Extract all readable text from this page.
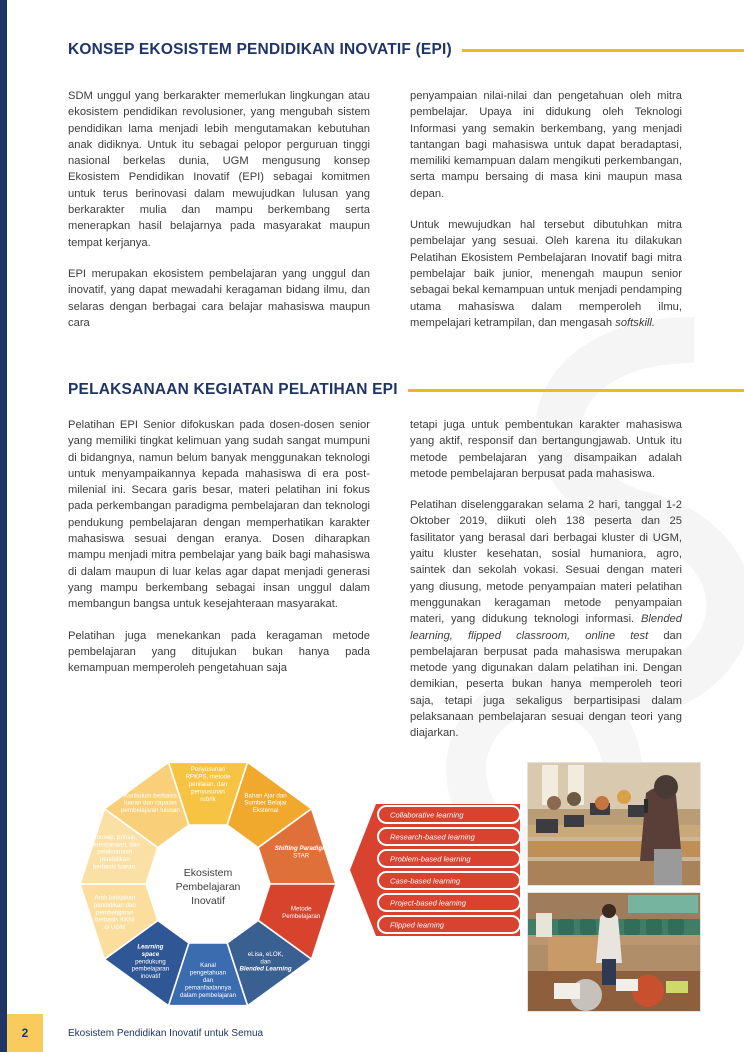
KONSEP EKOSISTEM PENDIDIKAN INOVATIF (EPI)

SDM unggul yang berkarakter memerlukan lingkungan atau ekosistem pendidikan revolusioner, yang mengubah sistem pendidikan lama menjadi lebih mengutamakan kebutuhan anak didiknya. Untuk itu sebagai pelopor perguruan tinggi nasional berkelas dunia, UGM mengusung konsep Ekosistem Pendidikan Inovatif (EPI) sebagai komitmen untuk terus berinovasi dalam mewujudkan lulusan yang berkarakter mulia dan mampu berkembang serta menerapkan hasil belajarnya pada masyarakat maupun tempat kerjanya.

EPI merupakan ekosistem pembelajaran yang unggul dan inovatif, yang dapat mewadahi keragaman bidang ilmu, dan selaras dengan berbagai cara belajar mahasiswa maupun cara

penyampaian nilai-nilai dan pengetahuan oleh mitra pembelajar. Upaya ini didukung oleh Teknologi Informasi yang semakin berkembang, yang menjadi tantangan bagi mahasiswa untuk dapat beradaptasi, memiliki kemampuan dalam mengikuti perkembangan, serta mampu bersaing di masa kini maupun masa depan.

Untuk mewujudkan hal tersebut dibutuhkan mitra pembelajar yang sesuai. Oleh karena itu dilakukan Pelatihan Ekosistem Pembelajaran Inovatif bagi mitra pembelajar baik junior, menengah maupun senior sebagai bekal kemampuan untuk menjadi pendamping utama mahasiswa dalam memperoleh ilmu, mempelajari ketrampilan, dan mengasah softskill.

PELAKSANAAN KEGIATAN PELATIHAN EPI

Pelatihan EPI Senior difokuskan pada dosen-dosen senior yang memiliki tingkat kelimuan yang sudah sangat mumpuni di bidangnya, namun belum banyak menggunakan teknologi untuk menyampaikannya kepada mahasiswa di era post-milenial ini. Secara garis besar, materi pelatihan ini fokus pada perkembangan paradigma pembelajaran dan teknologi pendukung pembelajaran dengan memperhatikan karakter mahasiswa sesuai dengan eranya. Dosen diharapkan mampu menjadi mitra pembelajar yang baik bagi mahasiswa di dalam maupun di luar kelas agar dapat menjadi generasi yang mampu berkembang sebagai insan unggul dalam membangun bangsa untuk kesejahteraan masyarakat.

Pelatihan juga menekankan pada keragaman metode pembelajaran yang ditujukan bukan hanya pada kemampuan memperoleh pengetahuan saja

tetapi juga untuk pembentukan karakter mahasiswa yang aktif, responsif dan bertangungjawab. Untuk itu metode pembelajaran yang disampaikan adalah metode pembelajaran berpusat pada mahasiswa.

Pelatihan diselenggarakan selama 2 hari, tanggal 1-2 Oktober 2019, diikuti oleh 138 peserta dan 25 fasilitator yang berasal dari berbagai kluster di UGM, yaitu kluster kesehatan, sosial humaniora, agro, saintek dan sekolah vokasi. Sesuai dengan materi yang diusung, metode penyampaian materi pelatihan menggunakan keragaman metode penyampaian materi, yang didukung teknologi informasi. Blended learning, flipped classroom, online test dan pembelajaran berpusat pada mahasiswa merupakan metode yang digunakan dalam pelatihan ini. Dengan demikian, peserta bukan hanya memperoleh teori saja, tetapi juga sekaligus berpartisipasi dalam pelaksanaan pembelajaran sesuai dengan teori yang diajarkan.

Penyusunan
RPKPS, metode
penilaian, dan
penyusunan
rubrik	Bahan Ajar dan
Sumber Belajar
Eksternal
Shifting Paradigm
STAR
Metode
Pembelajaran
eLisa, eLOK,
dan
Blended Learning
Kanal
pengetahuan
dan
pemanfaatannya
dalam pembelajaran
Learning
space
pendukung
pembelajaran
inovatif
Arah kebijakan
pendidikan dan
pembelajaran
berbasis KKNI
di UGM
Konsep, prinsip,
perencanaan, dan
pelaksanaan
pendidikan
berbasis luaran.
Kurikulum berbasis
luaran dan capaian
pembelajaran lulusan
Ekosistem
Pembelajaran
Inovatif
Collaborative learning
Research-based learning
Problem-based learning
Case-based learning
Project-based learning
Flipped learning
2	Ekosistem Pendidikan Inovatif untuk Semua
